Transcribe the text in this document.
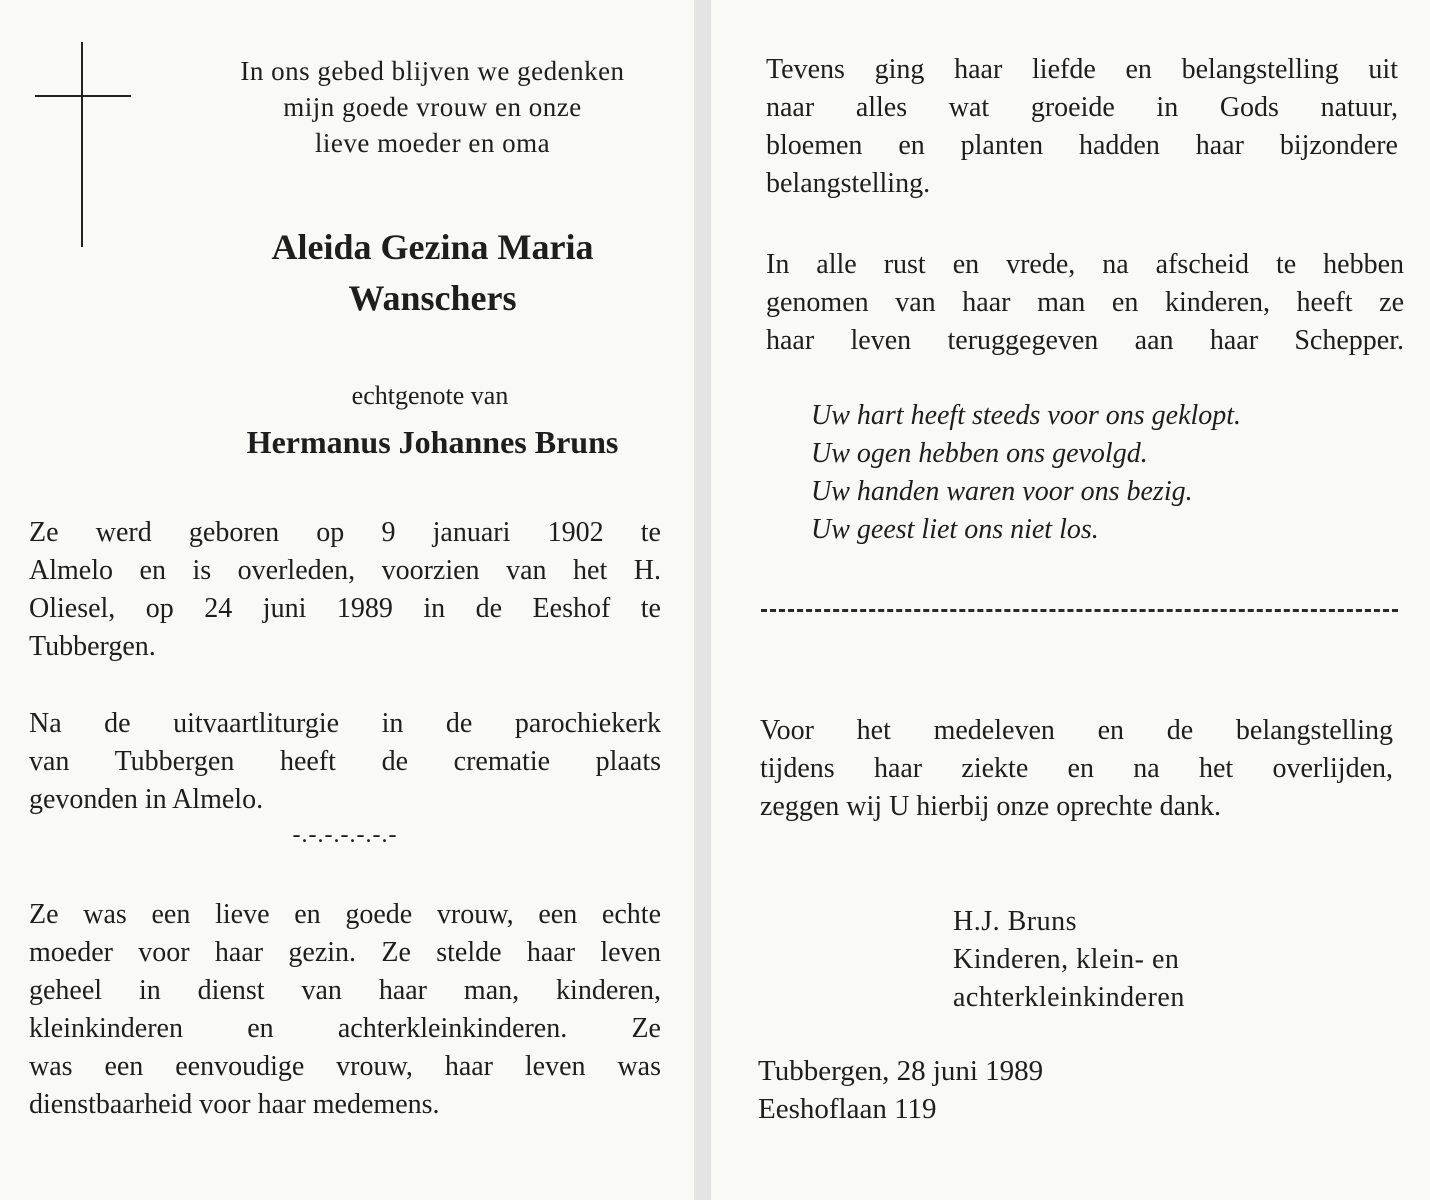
In ons gebed blijven we gedenken
mijn goede vrouw en onze
lieve moeder en oma
Aleida Gezina Maria
Wanschers
echtgenote van
Hermanus Johannes Bruns
Ze werd geboren op 9 januari 1902 te
Almelo en is overleden, voorzien van het H.
Oliesel, op 24 juni 1989 in de Eeshof te
Tubbergen.
Na de uitvaartliturgie in de parochiekerk
van Tubbergen heeft de crematie plaats
gevonden in Almelo.
-.-.-.-.-.-.-
Ze was een lieve en goede vrouw, een echte
moeder voor haar gezin. Ze stelde haar leven
geheel in dienst van haar man, kinderen,
kleinkinderen en achterkleinkinderen. Ze
was een eenvoudige vrouw, haar leven was
dienstbaarheid voor haar medemens.
Tevens ging haar liefde en belangstelling uit
naar alles wat groeide in Gods natuur,
bloemen en planten hadden haar bijzondere
belangstelling.
In alle rust en vrede, na afscheid te hebben
genomen van haar man en kinderen, heeft ze
haar leven teruggegeven aan haar Schepper.
Uw hart heeft steeds voor ons geklopt.
Uw ogen hebben ons gevolgd.
Uw handen waren voor ons bezig.
Uw geest liet ons niet los.
Voor het medeleven en de belangstelling
tijdens haar ziekte en na het overlijden,
zeggen wij U hierbij onze oprechte dank.
H.J. Bruns
Kinderen, klein- en
achterkleinkinderen
Tubbergen, 28 juni 1989
Eeshoflaan 119
